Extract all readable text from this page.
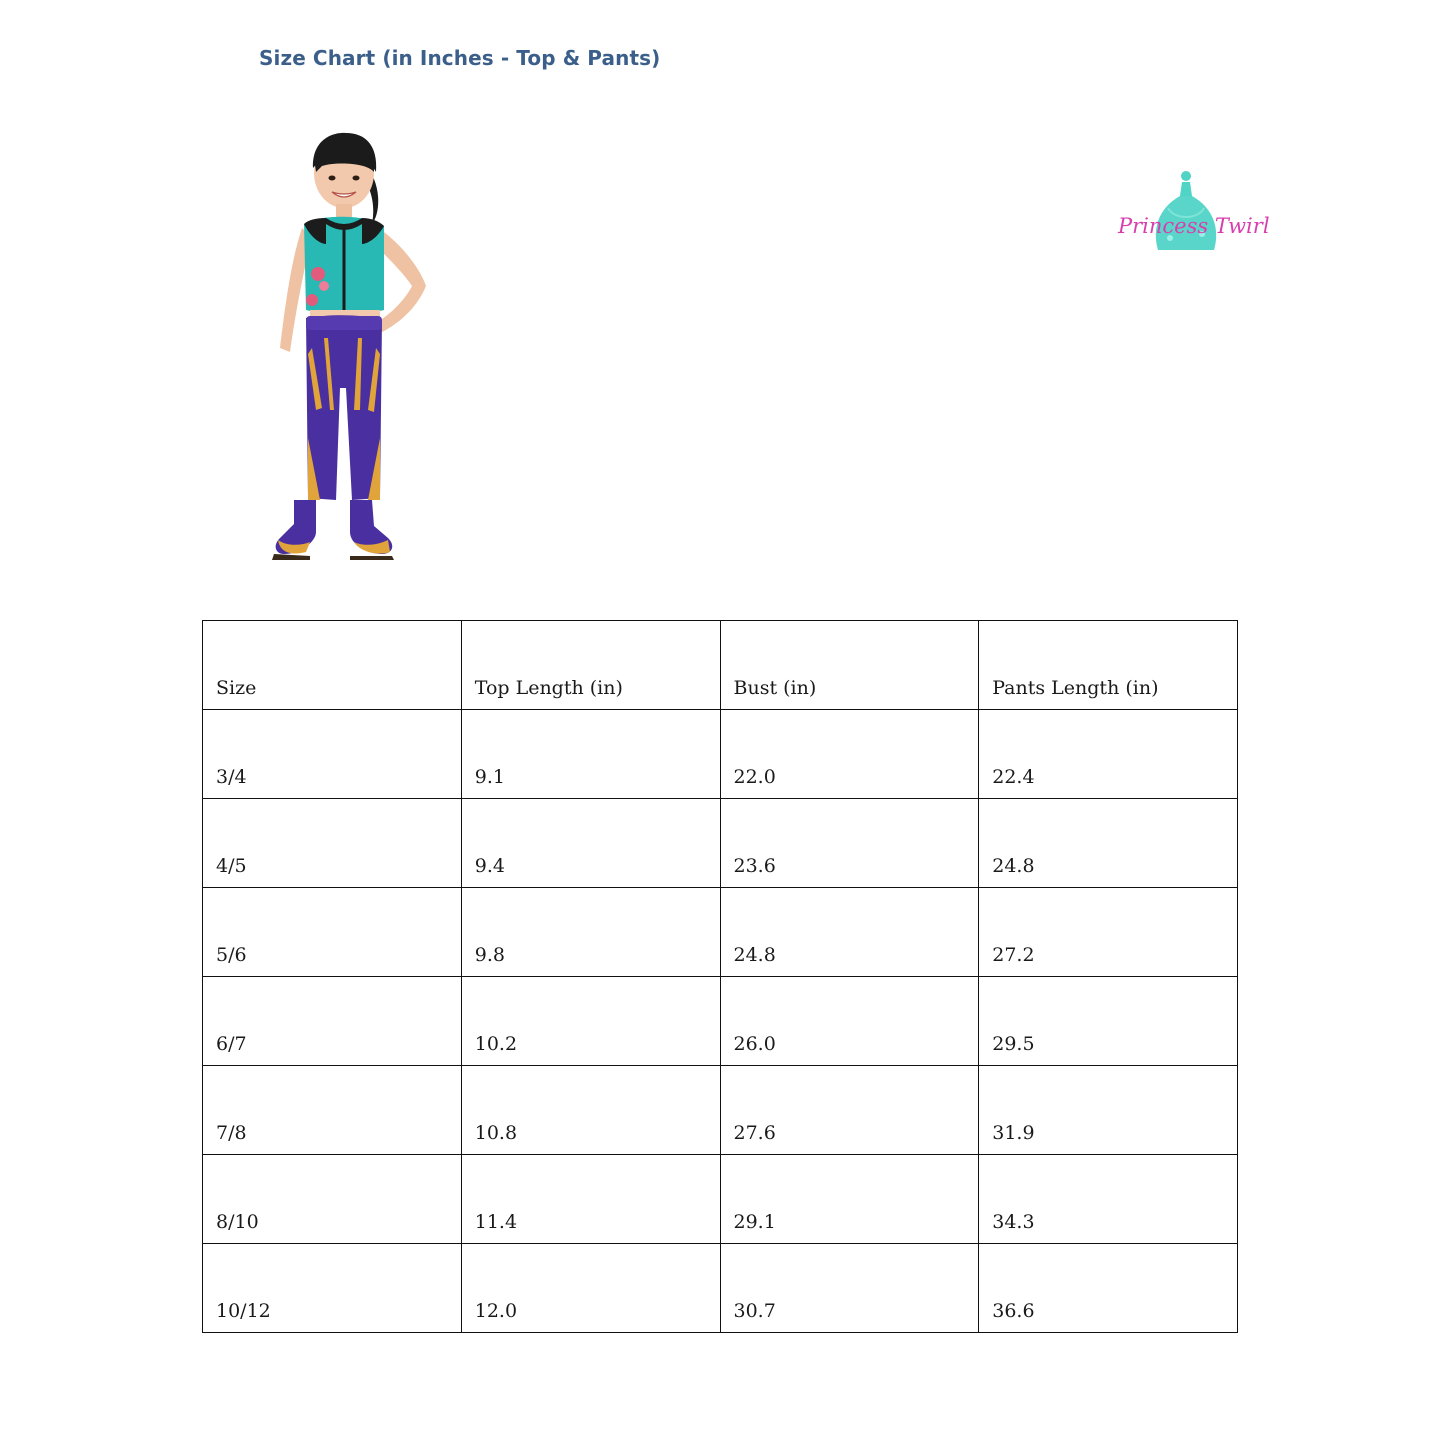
Size Chart (in Inches - Top & Pants)
Princess Twirl
Size	Top Length (in)	Bust (in)	Pants Length (in)

3/4	9.1	22.0	22.4

4/5	9.4	23.6	24.8

5/6	9.8	24.8	27.2

6/7	10.2	26.0	29.5

7/8	10.8	27.6	31.9

8/10	11.4	29.1	34.3

10/12	12.0	30.7	36.6
